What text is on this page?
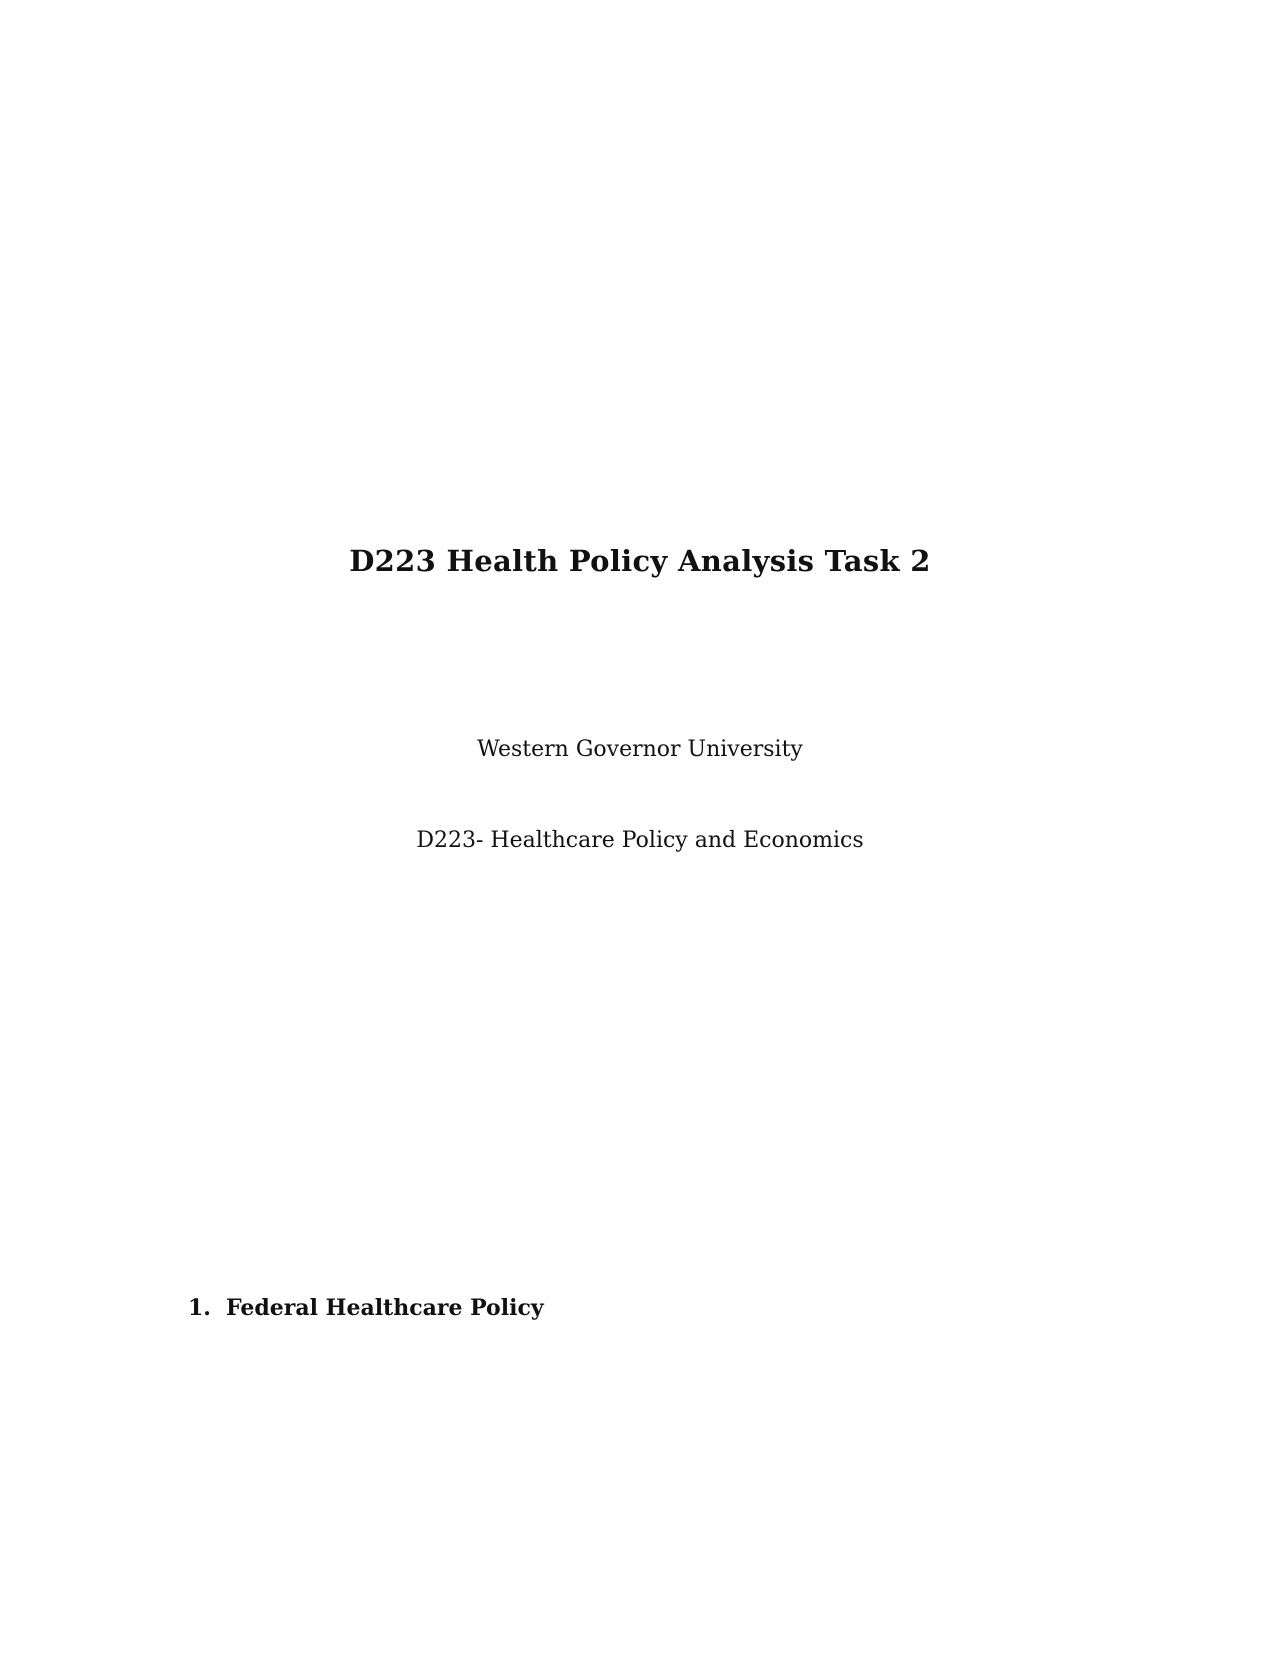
D223 Health Policy Analysis Task 2

Western Governor University

D223- Healthcare Policy and Economics

1. Federal Healthcare Policy
